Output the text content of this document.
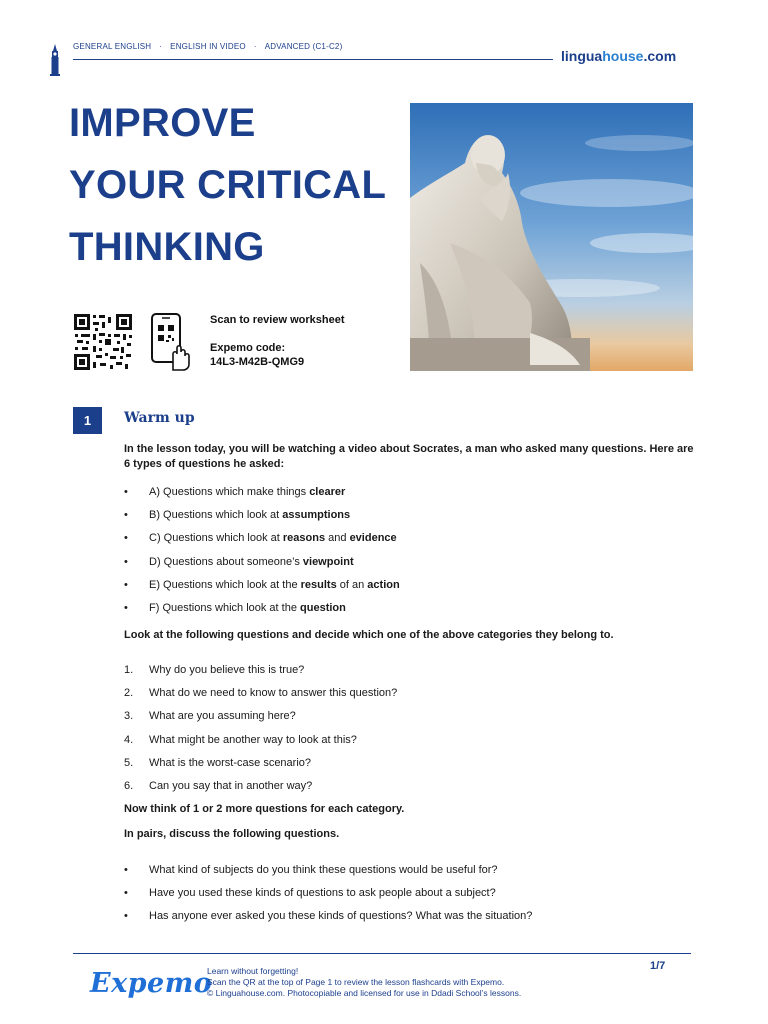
GENERAL ENGLISH · ENGLISH IN VIDEO · ADVANCED (C1-C2)
linguahouse.com
IMPROVE
YOUR CRITICAL
THINKING
Scan to review worksheet
Expemo code:
14L3-M42B-QMG9
1	Warm up
In the lesson today, you will be watching a video about Socrates, a man who asked many questions. Here are 6 types of questions he asked:
• A) Questions which make things clearer
• B) Questions which look at assumptions
• C) Questions which look at reasons and evidence
• D) Questions about someone’s viewpoint
• E) Questions which look at the results of an action
• F) Questions which look at the question
Look at the following questions and decide which one of the above categories they belong to.
1. Why do you believe this is true?
2. What do we need to know to answer this question?
3. What are you assuming here?
4. What might be another way to look at this?
5. What is the worst-case scenario?
6. Can you say that in another way?
Now think of 1 or 2 more questions for each category.
In pairs, discuss the following questions.
• What kind of subjects do you think these questions would be useful for?
• Have you used these kinds of questions to ask people about a subject?
• Has anyone ever asked you these kinds of questions? What was the situation?
Expemo
Learn without forgetting!
Scan the QR at the top of Page 1 to review the lesson flashcards with Expemo.
© Linguahouse.com. Photocopiable and licensed for use in Ddadi School’s lessons.
1/7
